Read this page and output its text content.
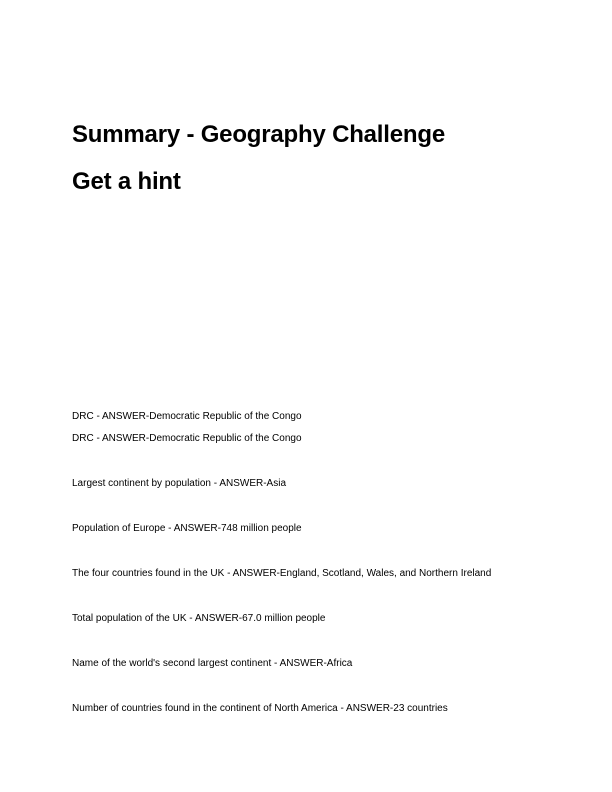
Summary - Geography Challenge
Get a hint

DRC - ANSWER-Democratic Republic of the Congo

DRC - ANSWER-Democratic Republic of the Congo

Largest continent by population - ANSWER-Asia

Population of Europe - ANSWER-748 million people

The four countries found in the UK - ANSWER-England, Scotland, Wales, and Northern Ireland

Total population of the UK - ANSWER-67.0 million people

Name of the world's second largest continent - ANSWER-Africa

Number of countries found in the continent of North America - ANSWER-23 countries
